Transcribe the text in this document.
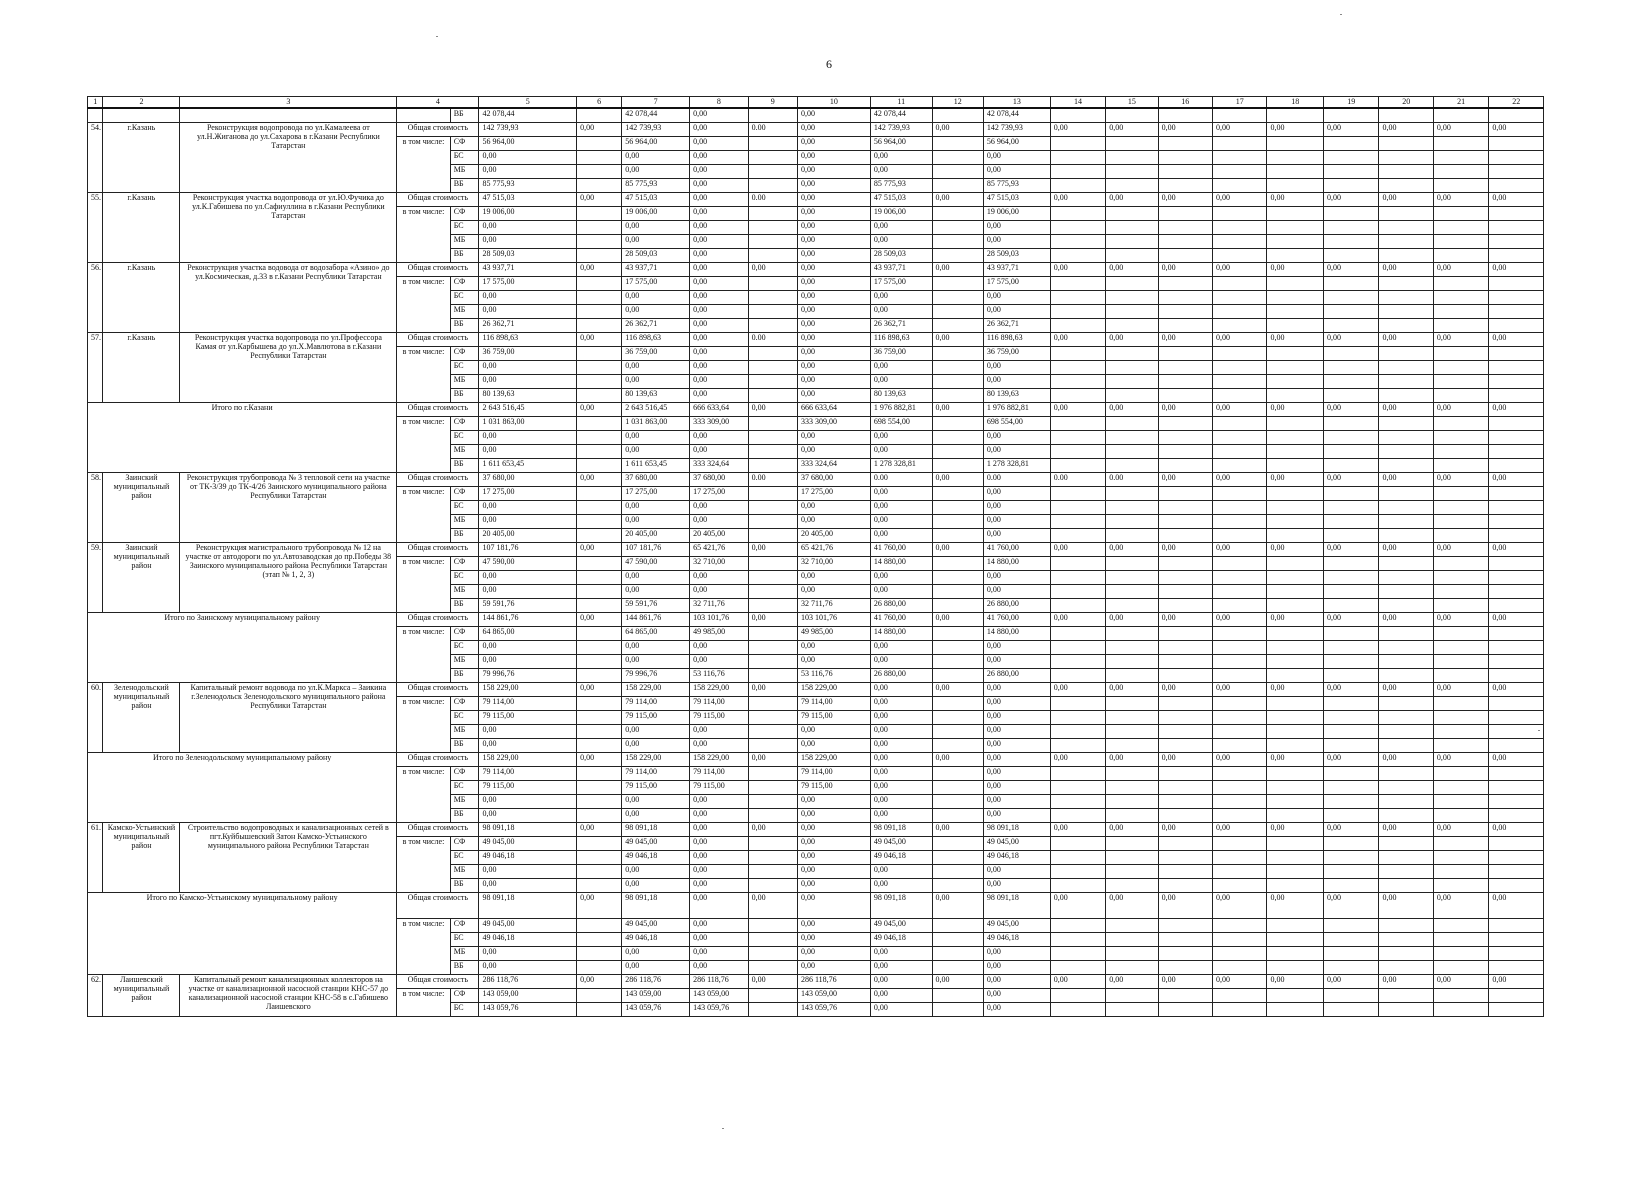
6
1	2	3	4		5	6	7	8	9	10	11	12	13	14	15	16	17	18	19	20	21	22
				ВБ	42 078,44		42 078,44	0,00		0,00	42 078,44		42 078,44									
54.	г.Казань	Реконструкция водопровода по ул.Камалеева от ул.Н.Жиганова до ул.Сахарова в г.Казани Республики Татарстан	Общая стоимость		142 739,93	0,00	142 739,93	0,00	0.00	0,00	142 739,93	0,00	142 739,93	0,00	0,00	0,00	0,00	0,00	0,00	0,00	0,00	0,00
			в том числе:	СФ	56 964,00		56 964,00	0,00		0,00	56 964,00		56 964,00									
				БС	0,00		0,00	0,00		0,00	0,00		0,00									
				МБ	0,00		0,00	0,00		0,00	0,00		0,00									
				ВБ	85 775,93		85 775,93	0,00		0,00	85 775,93		85 775,93									
55.	г.Казань	Реконструкция участка водопровода от ул.Ю.Фучика до ул.К.Габишева по ул.Сафиуллина в г.Казани Республики Татарстан	Общая стоимость		47 515,03	0,00	47 515,03	0,00	0.00	0,00	47 515,03	0,00	47 515,03	0,00	0,00	0,00	0,00	0,00	0,00	0,00	0,00	0,00
			в том числе:	СФ	19 006,00		19 006,00	0,00		0,00	19 006,00		19 006,00									
				БС	0,00		0,00	0,00		0,00	0,00		0,00									
				МБ	0,00		0,00	0,00		0,00	0,00		0,00									
				ВБ	28 509,03		28 509,03	0,00		0,00	28 509,03		28 509,03									
56.	г.Казань	Реконструкция участка водовода от водозабора «Азино» до ул.Космическая, д.33 в г.Казани Республики Татарстан	Общая стоимость		43 937,71	0,00	43 937,71	0,00	0,00	0,00	43 937,71	0,00	43 937,71	0,00	0,00	0,00	0,00	0,00	0,00	0,00	0,00	0,00
			в том числе:	СФ	17 575,00		17 575,00	0,00		0,00	17 575,00		17 575,00									
				БС	0,00		0,00	0,00		0,00	0,00		0,00									
				МБ	0,00		0,00	0,00		0,00	0,00		0,00									
				ВБ	26 362,71		26 362,71	0,00		0,00	26 362,71		26 362,71									
57.	г.Казань	Реконструкция участка водопровода по ул.Профессора Камая от ул.Карбышева до ул.Х.Мавлютова в г.Казани Республики Татарстан	Общая стоимость		116 898,63	0,00	116 898,63	0,00	0.00	0,00	116 898,63	0,00	116 898,63	0,00	0,00	0,00	0,00	0,00	0,00	0,00	0,00	0,00
			в том числе:	СФ	36 759,00		36 759,00	0,00		0,00	36 759,00		36 759,00									
				БС	0,00		0,00	0,00		0,00	0,00		0,00									
				МБ	0,00		0,00	0,00		0,00	0,00		0,00									
				ВБ	80 139,63		80 139,63	0,00		0,00	80 139,63		80 139,63									
Итого по г.Казани			Общая стоимость		2 643 516,45	0,00	2 643 516,45	666 633,64	0,00	666 633,64	1 976 882,81	0,00	1 976 882,81	0,00	0,00	0,00	0,00	0,00	0,00	0,00	0,00	0,00
			в том числе:	СФ	1 031 863,00		1 031 863,00	333 309,00		333 309,00	698 554,00		698 554,00									
				БС	0,00		0,00	0,00		0,00	0,00		0,00									
				МБ	0,00		0,00	0,00		0,00	0,00		0,00									
				ВБ	1 611 653,45		1 611 653,45	333 324,64		333 324,64	1 278 328,81		1 278 328,81									
58.	Заинский муниципальный район	Реконструкция трубопровода № 3 тепловой сети на участке от ТК-3/39 до ТК-4/26 Заинского муниципального района Республики Татарстан	Общая стоимость		37 680,00	0,00	37 680,00	37 680,00	0.00	37 680,00	0.00	0,00	0.00	0.00	0.00	0,00	0,00	0,00	0,00	0,00	0,00	0,00
			в том числе:	СФ	17 275,00		17 275,00	17 275,00		17 275,00	0,00		0,00									
				БС	0,00		0,00	0,00		0,00	0,00		0,00									
				МБ	0,00		0,00	0,00		0,00	0,00		0,00									
				ВБ	20 405,00		20 405,00	20 405,00		20 405,00	0,00		0,00									
59.	Заинский муниципальный район	Реконструкция магистрального трубопровода № 12 на участке от автодороги по ул.Автозаводская до пр.Победы 38 Заинского муниципального района Республики Татарстан (этап № 1, 2, 3)	Общая стоимость		107 181,76	0,00	107 181,76	65 421,76	0,00	65 421,76	41 760,00	0,00	41 760,00	0,00	0,00	0,00	0,00	0,00	0,00	0,00	0,00	0,00
			в том числе:	СФ	47 590,00		47 590,00	32 710,00		32 710,00	14 880,00		14 880,00									
				БС	0,00		0,00	0,00		0,00	0,00		0,00									
				МБ	0,00		0,00	0,00		0,00	0,00		0,00									
				ВБ	59 591,76		59 591,76	32 711,76		32 711,76	26 880,00		26 880,00									
Итого по Заинскому муниципальному району			Общая стоимость		144 861,76	0,00	144 861,76	103 101,76	0,00	103 101,76	41 760,00	0,00	41 760,00	0,00	0,00	0,00	0,00	0,00	0,00	0,00	0,00	0,00
			в том числе:	СФ	64 865,00		64 865,00	49 985,00		49 985,00	14 880,00		14 880,00									
				БС	0,00		0,00	0,00		0,00	0,00		0,00									
				МБ	0,00		0,00	0,00		0,00	0,00		0,00									
				ВБ	79 996,76		79 996,76	53 116,76		53 116,76	26 880,00		26 880,00									
60.	Зеленодольский муниципальный район	Капитальный ремонт водовода по ул.К.Маркса – Заикина г.Зеленодольск Зеленодольского муниципального района Республики Татарстан	Общая стоимость		158 229,00	0,00	158 229,00	158 229,00	0,00	158 229,00	0,00	0,00	0,00	0,00	0,00	0,00	0,00	0,00	0,00	0,00	0,00	0,00
			в том числе:	СФ	79 114,00		79 114,00	79 114,00		79 114,00	0,00		0,00									
				БС	79 115,00		79 115,00	79 115,00		79 115,00	0,00		0,00									
				МБ	0,00		0,00	0,00		0,00	0,00		0,00									
				ВБ	0,00		0,00	0,00		0,00	0,00		0,00									
Итого по Зеленодольскому муниципальному району			Общая стоимость		158 229,00	0,00	158 229,00	158 229,00	0,00	158 229,00	0,00	0,00	0,00	0,00	0,00	0,00	0,00	0,00	0,00	0,00	0,00	0,00
			в том числе:	СФ	79 114,00		79 114,00	79 114,00		79 114,00	0,00		0,00									
				БС	79 115,00		79 115,00	79 115,00		79 115,00	0,00		0,00									
				МБ	0,00		0,00	0,00		0,00	0,00		0,00									
				ВБ	0,00		0,00	0,00		0,00	0,00		0,00									
61.	Камско-Устьинский муниципальный район	Строительство водопроводных и канализационных сетей в пгт.Куйбышевский Затон Камско-Устьинского муниципального района Республики Татарстан	Общая стоимость		98 091,18	0,00	98 091,18	0,00	0,00	0,00	98 091,18	0,00	98 091,18	0,00	0,00	0,00	0,00	0,00	0,00	0,00	0,00	0,00
			в том числе:	СФ	49 045,00		49 045,00	0,00		0,00	49 045,00		49 045,00									
				БС	49 046,18		49 046,18	0,00		0,00	49 046,18		49 046,18									
				МБ	0,00		0,00	0,00		0,00	0,00		0,00									
				ВБ	0,00		0,00	0,00		0,00	0,00		0,00									
Итого по Камско-Устьинскому муниципальному району			Общая стоимость		98 091,18	0,00	98 091,18	0,00	0,00	0,00	98 091,18	0,00	98 091,18	0,00	0,00	0,00	0,00	0,00	0,00	0,00	0,00	0,00
			в том числе:	СФ	49 045,00		49 045,00	0,00		0,00	49 045,00		49 045,00									
				БС	49 046,18		49 046,18	0,00		0,00	49 046,18		49 046,18									
				МБ	0,00		0,00	0,00		0,00	0,00		0,00									
				ВБ	0,00		0,00	0,00		0,00	0,00		0,00									
62.	Лаишевский муниципальный район	Капитальный ремонт канализационных коллекторов на участке от канализационной насосной станции КНС-57 до канализационной насосной станции КНС-58 в с.Габишево Лаишевского	Общая стоимость		286 118,76	0,00	286 118,76	286 118,76	0,00	286 118,76	0,00	0,00	0,00	0,00	0,00	0,00	0,00	0,00	0,00	0,00	0,00	0,00
			в том числе:	СФ	143 059,00		143 059,00	143 059,00		143 059,00	0,00		0,00									
				БС	143 059,76		143 059,76	143 059,76		143 059,76	0,00		0,00									
